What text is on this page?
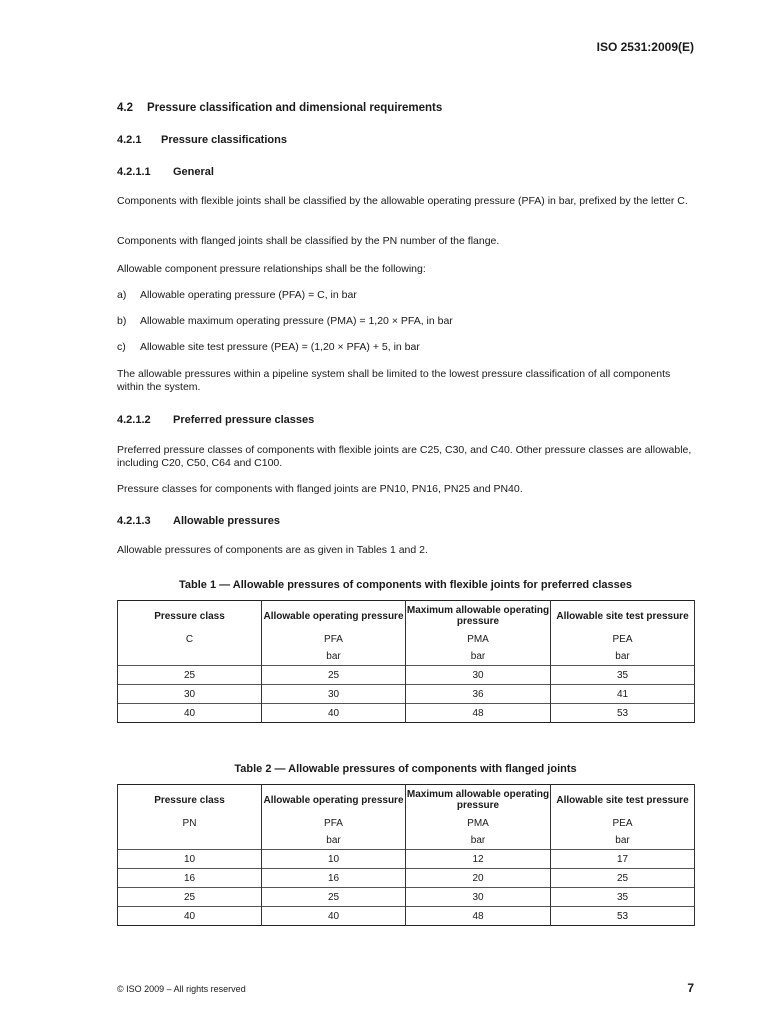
ISO 2531:2009(E)
4.2 Pressure classification and dimensional requirements
4.2.1 Pressure classifications
4.2.1.1 General
Components with flexible joints shall be classified by the allowable operating pressure (PFA) in bar, prefixed by the letter C.
Components with flanged joints shall be classified by the PN number of the flange.
Allowable component pressure relationships shall be the following:
a) Allowable operating pressure (PFA) = C, in bar
b) Allowable maximum operating pressure (PMA) = 1,20 × PFA, in bar
c) Allowable site test pressure (PEA) = (1,20 × PFA) + 5, in bar
The allowable pressures within a pipeline system shall be limited to the lowest pressure classification of all components within the system.
4.2.1.2 Preferred pressure classes
Preferred pressure classes of components with flexible joints are C25, C30, and C40. Other pressure classes are allowable, including C20, C50, C64 and C100.
Pressure classes for components with flanged joints are PN10, PN16, PN25 and PN40.
4.2.1.3 Allowable pressures
Allowable pressures of components are as given in Tables 1 and 2.
Table 1 — Allowable pressures of components with flexible joints for preferred classes
Pressure class	Allowable operating pressure	Maximum allowable operating pressure	Allowable site test pressure
C	PFA	PMA	PEA
	bar	bar	bar
25	25	30	35
30	30	36	41
40	40	48	53
Table 2 — Allowable pressures of components with flanged joints
Pressure class	Allowable operating pressure	Maximum allowable operating pressure	Allowable site test pressure
PN	PFA	PMA	PEA
	bar	bar	bar
10	10	12	17
16	16	20	25
25	25	30	35
40	40	48	53
© ISO 2009 – All rights reserved	7
